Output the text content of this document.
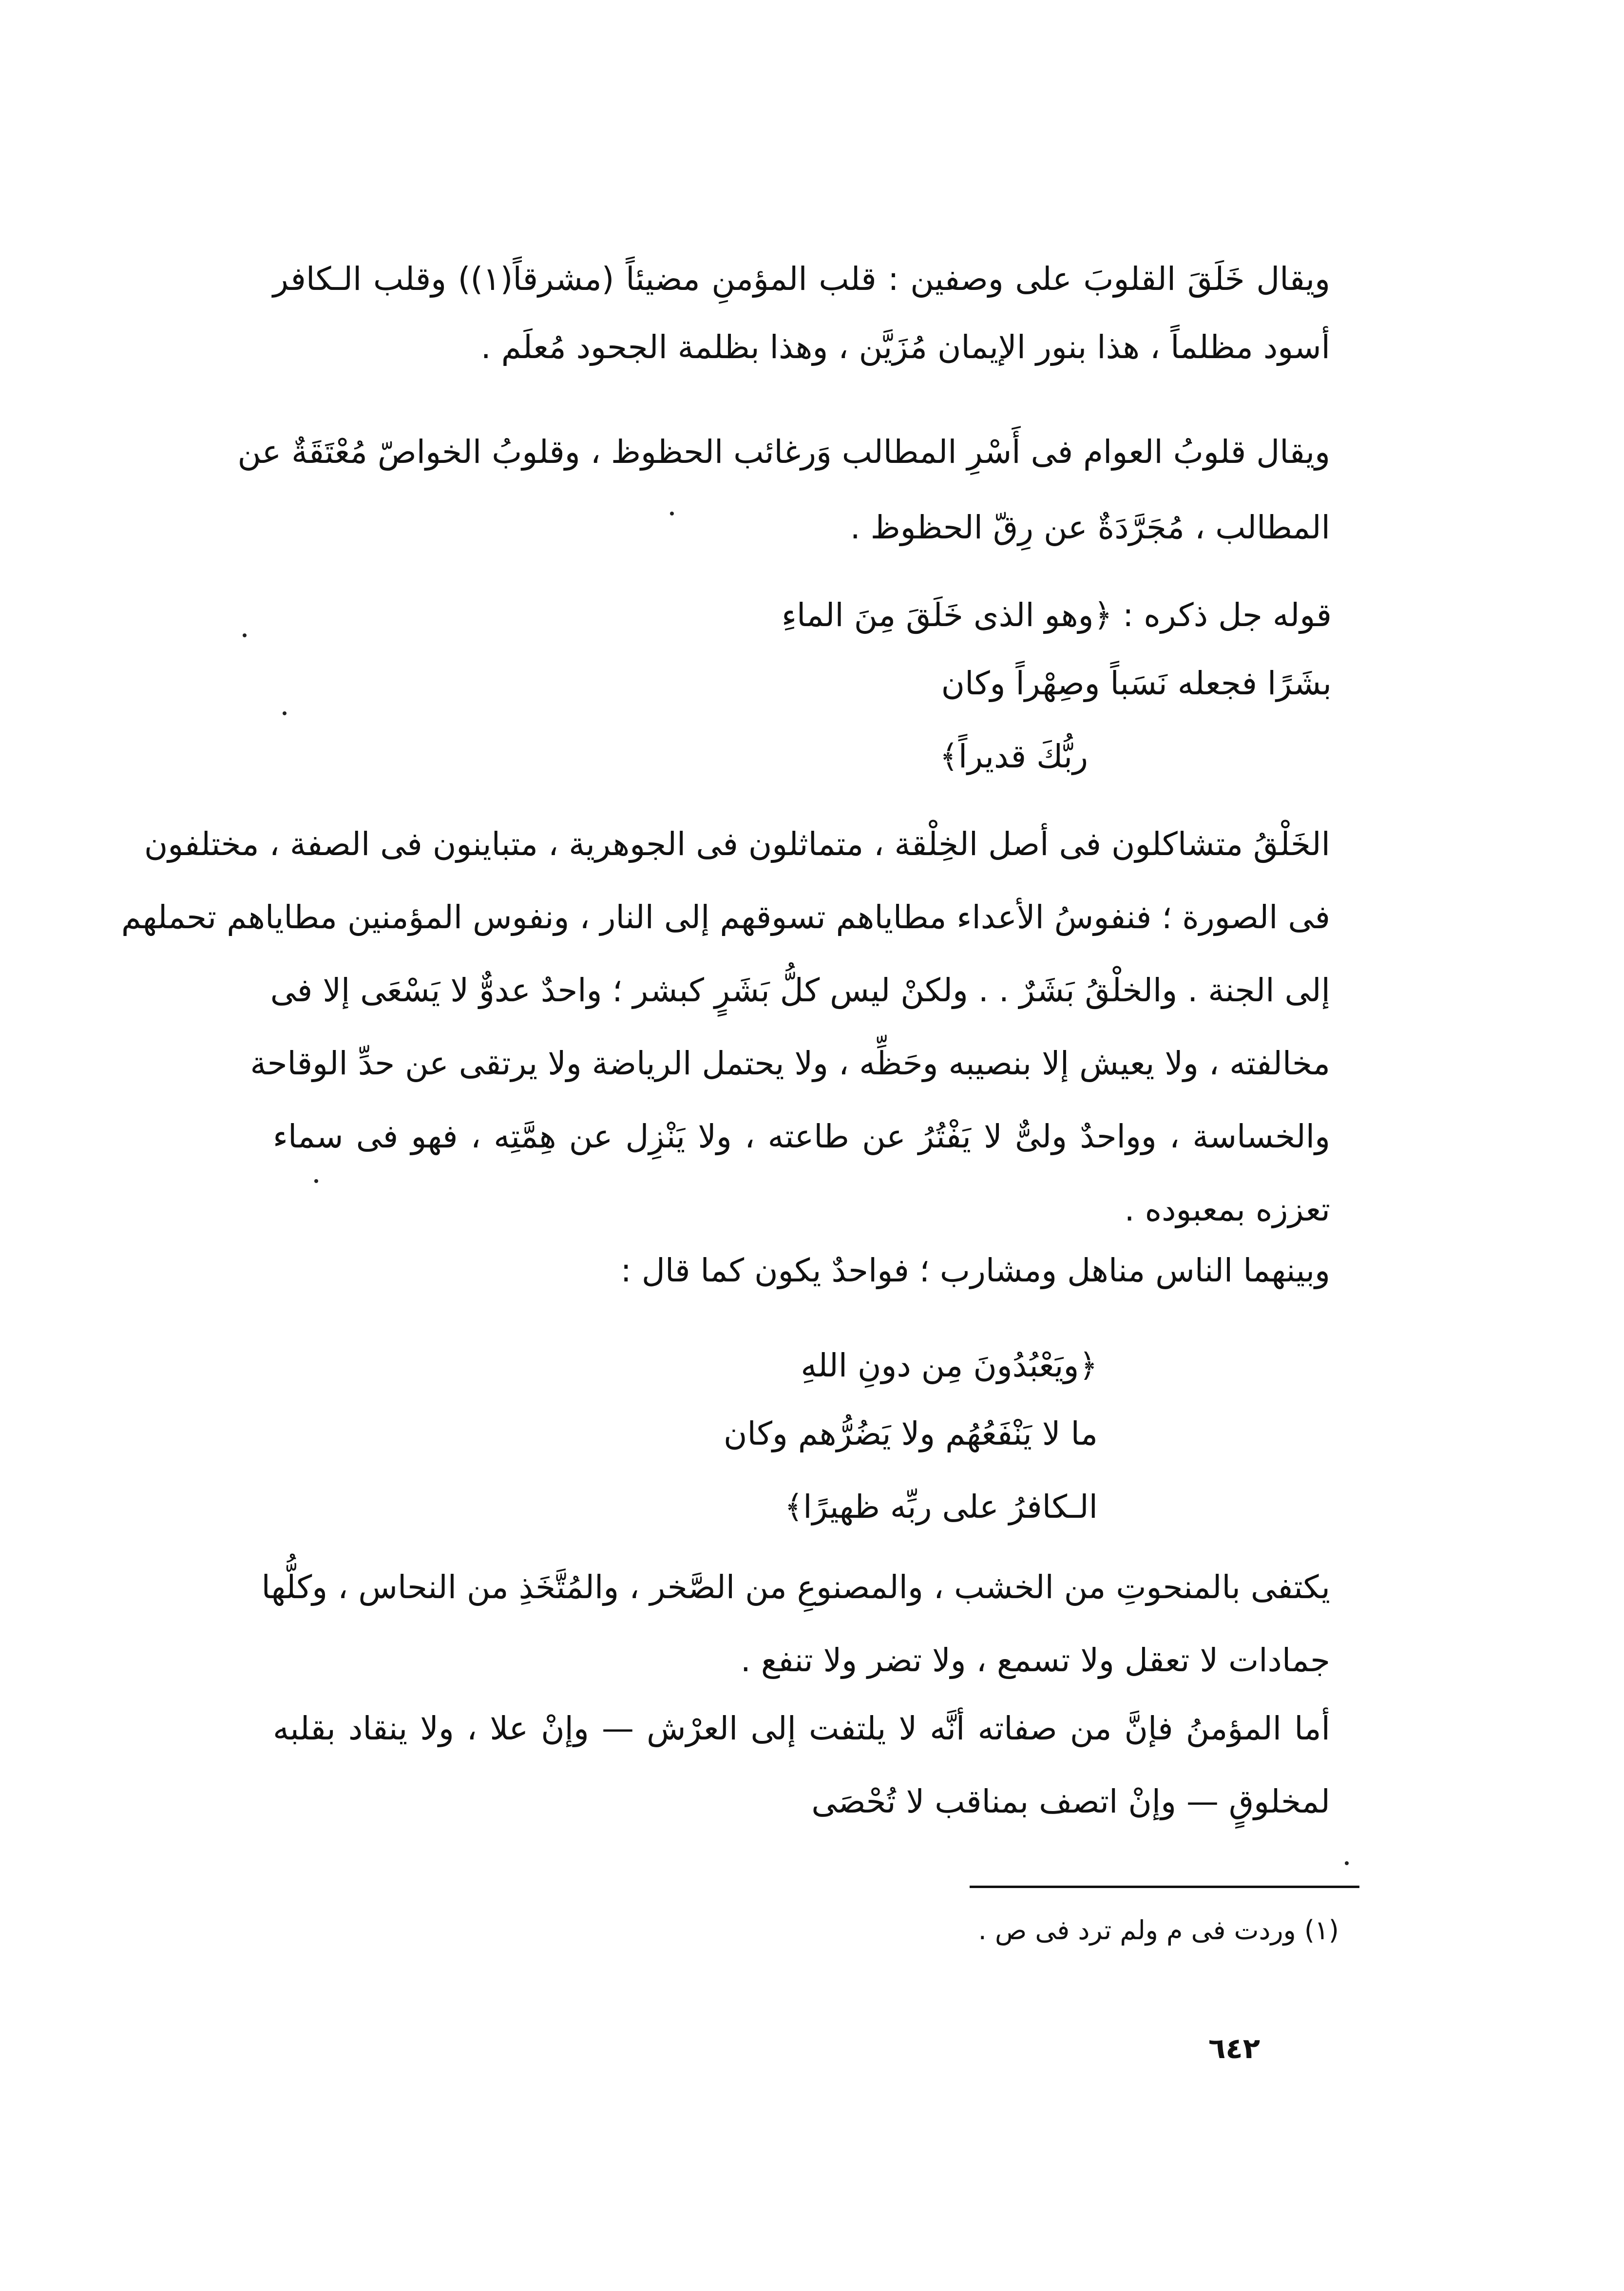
ويقال خَلَقَ القلوبَ على وصفين : قلب المؤمنِ مضيئاً (مشرقاً(١)) وقلب الـكافر
أسود مظلماً ، هذا بنور الإيمان مُزَيَّن ، وهذا بظلمة الجحود مُعلَم .
ويقال قلوبُ العوام فى أَسْرِ المطالب وَرغائب الحظوظ ، وقلوبُ الخواصّ مُعْتَقَةٌ عن
المطالب ، مُجَرَّدَةٌ عن رِقّ الحظوظ .
قوله جل ذكره : ﴿وهو الذى خَلَقَ مِنَ الماءِ
بشَرًا فجعله نَسَباً وصِهْراً وكان
ربُّكَ قديراً﴾
الخَلْقُ متشاكلون فى أصل الخِلْقة ، متماثلون فى الجوهرية ، متباينون فى الصفة ، مختلفون
فى الصورة ؛ فنفوسُ الأعداء مطاياهم تسوقهم إلى النار ، ونفوس المؤمنين مطاياهم تحملهم
إلى الجنة . والخلْقُ بَشَرٌ . . ولكنْ ليس كلُّ بَشَرٍ كبشر ؛ واحدٌ عدوٌّ لا يَسْعَى إلا فى
مخالفته ، ولا يعيش إلا بنصيبه وحَظِّه ، ولا يحتمل الرياضة ولا يرتقى عن حدِّ الوقاحة
والخساسة ، وواحدٌ ولىٌّ لا يَفْتُرُ عن طاعته ، ولا يَنْزِل عن هِمَّتِه ، فهو فى سماء
تعززه بمعبوده .
وبينهما الناس مناهل ومشارب ؛ فواحدٌ يكون كما قال :
﴿ويَعْبُدُونَ مِن دونِ اللهِ
ما لا يَنْفَعُهُم ولا يَضُرُّهم وكان
الـكافرُ على ربِّه ظهيرًا﴾
يكتفى بالمنحوتِ من الخشب ، والمصنوعِ من الصَّخر ، والمُتَّخَذِ من النحاس ، وكلُّها
جمادات لا تعقل ولا تسمع ، ولا تضر ولا تنفع .
أما المؤمنُ فإنَّ من صفاته أنَّه لا يلتفت إلى العرْش — وإنْ علا ، ولا ينقاد بقلبه
لمخلوقٍ — وإنْ اتصف بمناقب لا تُحْصَى
(١) وردت فى م ولم ترد فى ص .
٦٤٢
